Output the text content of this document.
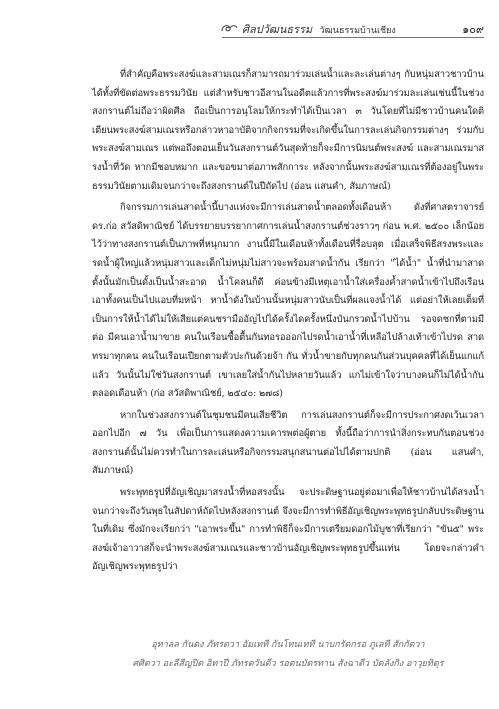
ศิลปวัฒนธรรม วัฒนธรรมบ้านเชียง	๑๐๙

ที่สำคัญคือพระสงฆ์และสามเณรก็สามารถมาร่วมเล่นน้ำและละเล่นต่างๆ กับหนุ่มสาวชาวบ้านได้ทั้งที่ขัดต่อพระธรรมวินัย แต่สำหรับชาวอีสานในอดีตแล้วการที่พระสงฆ์มาร่วมละเล่นเช่นนี้ในช่วงสงกรานต์ไม่ถือว่าผิดศีล ถือเป็นการอนุโลมให้กระทำได้เป็นเวลา ๓ วันโดยที่ไม่มีชาวบ้านคนใดติเตียนพระสงฆ์สามเณรหรือกล่าวหาอาบัติจากกิจกรรมที่จะเกิดขึ้นในการละเล่นกิจกรรมต่างๆ ร่วมกับพระสงฆ์สามเณร แต่พอถึงตอนเย็นวันสงกรานต์วันสุดท้ายก็จะมีการนิมนต์พระสงฆ์ และสามเณรมาสรงน้ำที่วัด หากมีชอบหมาก และขอขมาต่อภาพสักการะ หลังจากนั้นพระสงฆ์สามเณรที่ต้องอยู่ในพระธรรมวินัยตามเดิมจนกว่าจะถึงสงกรานต์ในปีถัดไป (อ่อน แสนคำ, สัมภาษณ์)

กิจกรรมการเล่นสาดน้ำนี้บางแห่งจะมีการเล่นสาดน้ำตลอดทั้งเดือนห้า ดังที่ศาสตราจารย์ ดร.ก่อ สวัสดิพาณิชย์ ได้บรรยายบรรยากาศการเล่นน้ำสงกรานต์ช่วงราวๆ ก่อน พ.ศ. ๒๕๐๐ เล็กน้อยไว้ว่าทางสงกรานต์เป็นภาพที่หนุกมาก งานนี้มีในเดือนห้าทั้งเดือนที่รื่อบลุต เมื่อเสร็จพิธีสรงพระและรดน้ำผู้ใหญ่แล้วหนุ่มสาวและเด็กไม่หนุ่มไม่สาวจะพร้อมสาดน้ำกัน เรียกว่า "ได้น้ำ" น้ำที่นำมาสาดตั้งนั้นมักเป็นดั้งเป็นน้ำสะอาด น้ำโคลนก็ดี ค่อนข้างมีเหตุเอาน้ำใส่เครื่องค้ำสาดน้ำเข้าไปถึงเรือน เอาทั้งคนเป็นไปแอบที่มหน้า หาน้ำดังในบ้านนั้นหนุ่มสาวนับเป็นที่ผลแจงน้ำได้ แต่อย่าให้เลยเต็มที่เป็นการให้น้ำได้ไม่ให้เสียแต่คนชรามืออัญไปได้ครั้งไดครั้งหนึ่งบันกรวดน้ำไปบ้าน รอจดชกที่ตามมีต่อ มีคนเอาน้ำมาขาย คนในเรือนซื้อตื้นกันทอรอออกไปรดน้ำเอาน้ำที่เหลือไปล้างเท้าเข้าไปรด สาดทรมาทุกคน คนในเรือนเปียกตามตัวปะกันด้วยจ้า กัน ทั่วน้ำขายกับทุกคนกันส่วนบุคคลที่ได้เย็นแกแก้แล้ว วันนั้นไม่ใช่วันสงกรานต์ เขาเลยใส่น้ำกันไปหลายวันแล้ว แกไม่เข้าใจว่าบางคนก็ไม่ได้น้ำกันตลอดเดือนห้า (ก่อ สวัสดิพาณิชย์, ๒๕๔๐: ๒๗๘)

หากในช่วงสงกรานต์ในชุมชนมีคนเสียชีวิต การเล่นสงกรานต์ก็จะมีการประกาศงดเว้นเวลาออกไปอีก ๗ วัน เพื่อเป็นการแสดงความเคารพต่อผู้ตาย ทั้งนี้ถือว่าการนำสิ่งกระทบกันตอนช่วงสงกรานต์นั้นไม่ควรทำในการละเล่นหรือกิจกรรมสนุกสนานต่อไปได้ตามปกติ (อ่อน แสนคำ, สัมภาษณ์)

พระพุทธรูปที่อัญเชิญมาสรงน้ำที่หอสรงนั้น จะประดิษฐานอยู่ต่อมาเพื่อให้ชาวบ้านได้สรงน้ำจนกว่าจะถึงวันพุธในสัปดาห์ถัดไปหลังสงกรานต์ จึงจะมีการทำพิธีอัญเชิญพระพุทธรูปกลับประดิษฐานในที่เดิม ซึ่งมักจะเรียกว่า "เอาพระขึ้น" การทำพิธีก็จะมีการเตรียมดอกไม้บูชาที่เรียกว่า "ขัน๕" พระสงฆ์เจ้าอาวาสก็จะนำพระสงฆ์สามเณรและชาวบ้านอัญเชิญพระพุทธรูปขึ้นแท่น โดยจะกล่าวคำอัญเชิญพระพุทธรูปว่า

อุทาลล กันตง ภัทรดวา อัมเทที กันโทนเทที นาบกรัดกรอ ภูเลที สักกัตวา
ศศิตวา อะลีสีญปิต อิทาปี ภัทรดวันดีว รอตนบัตรทาน สังฉาดีว บัตลังกิง อาวุยทิตุร
